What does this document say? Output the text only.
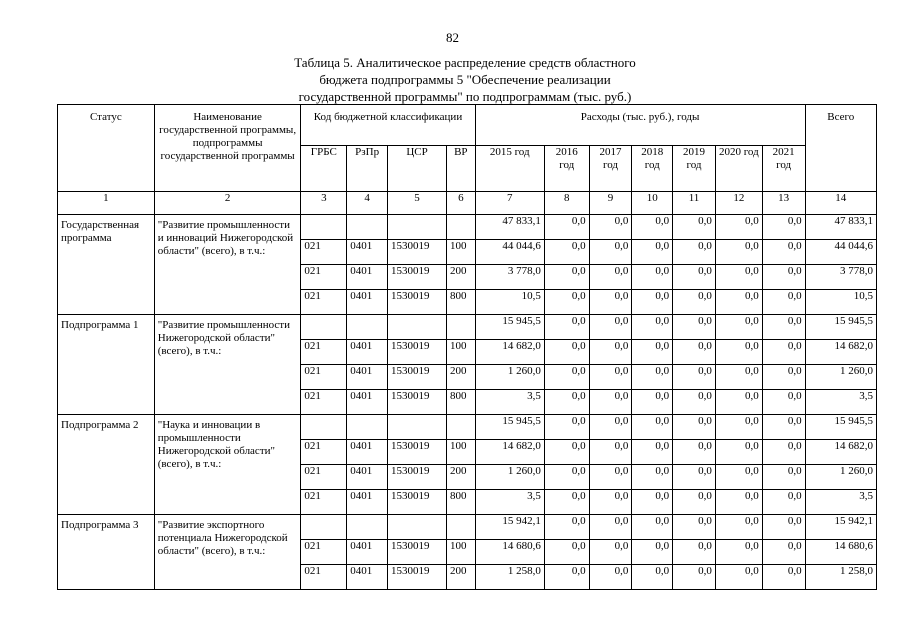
82
Таблица 5. Аналитическое распределение средств областного
бюджета подпрограммы 5 "Обеспечение реализации
государственной программы" по подпрограммам (тыс. руб.)
Статус	Наименование государственной программы, подпрограммы государственной программы	Код бюджетной классификации				Расходы (тыс. руб.), годы							Всего
		ГРБС	РзПр	ЦСР	ВР	2015 год	2016 год	2017 год	2018 год	2019 год	2020 год	2021 год	
1	2	3	4	5	6	7	8	9	10	11	12	13	14
Государственная программа	"Развитие промышленности и инноваций Нижегородской области" (всего), в т.ч.:					47 833,1	0,0	0,0	0,0	0,0	0,0	0,0	47 833,1
		021	0401	1530019	100	44 044,6	0,0	0,0	0,0	0,0	0,0	0,0	44 044,6
		021	0401	1530019	200	3 778,0	0,0	0,0	0,0	0,0	0,0	0,0	3 778,0
		021	0401	1530019	800	10,5	0,0	0,0	0,0	0,0	0,0	0,0	10,5
Подпрограмма 1	"Развитие промышленности Нижегородской области" (всего), в т.ч.:					15 945,5	0,0	0,0	0,0	0,0	0,0	0,0	15 945,5
		021	0401	1530019	100	14 682,0	0,0	0,0	0,0	0,0	0,0	0,0	14 682,0
		021	0401	1530019	200	1 260,0	0,0	0,0	0,0	0,0	0,0	0,0	1 260,0
		021	0401	1530019	800	3,5	0,0	0,0	0,0	0,0	0,0	0,0	3,5
Подпрограмма 2	"Наука и инновации в промышленности Нижегородской области" (всего), в т.ч.:					15 945,5	0,0	0,0	0,0	0,0	0,0	0,0	15 945,5
		021	0401	1530019	100	14 682,0	0,0	0,0	0,0	0,0	0,0	0,0	14 682,0
		021	0401	1530019	200	1 260,0	0,0	0,0	0,0	0,0	0,0	0,0	1 260,0
		021	0401	1530019	800	3,5	0,0	0,0	0,0	0,0	0,0	0,0	3,5
Подпрограмма 3	"Развитие экспортного потенциала Нижегородской области" (всего), в т.ч.:					15 942,1	0,0	0,0	0,0	0,0	0,0	0,0	15 942,1
		021	0401	1530019	100	14 680,6	0,0	0,0	0,0	0,0	0,0	0,0	14 680,6
		021	0401	1530019	200	1 258,0	0,0	0,0	0,0	0,0	0,0	0,0	1 258,0
